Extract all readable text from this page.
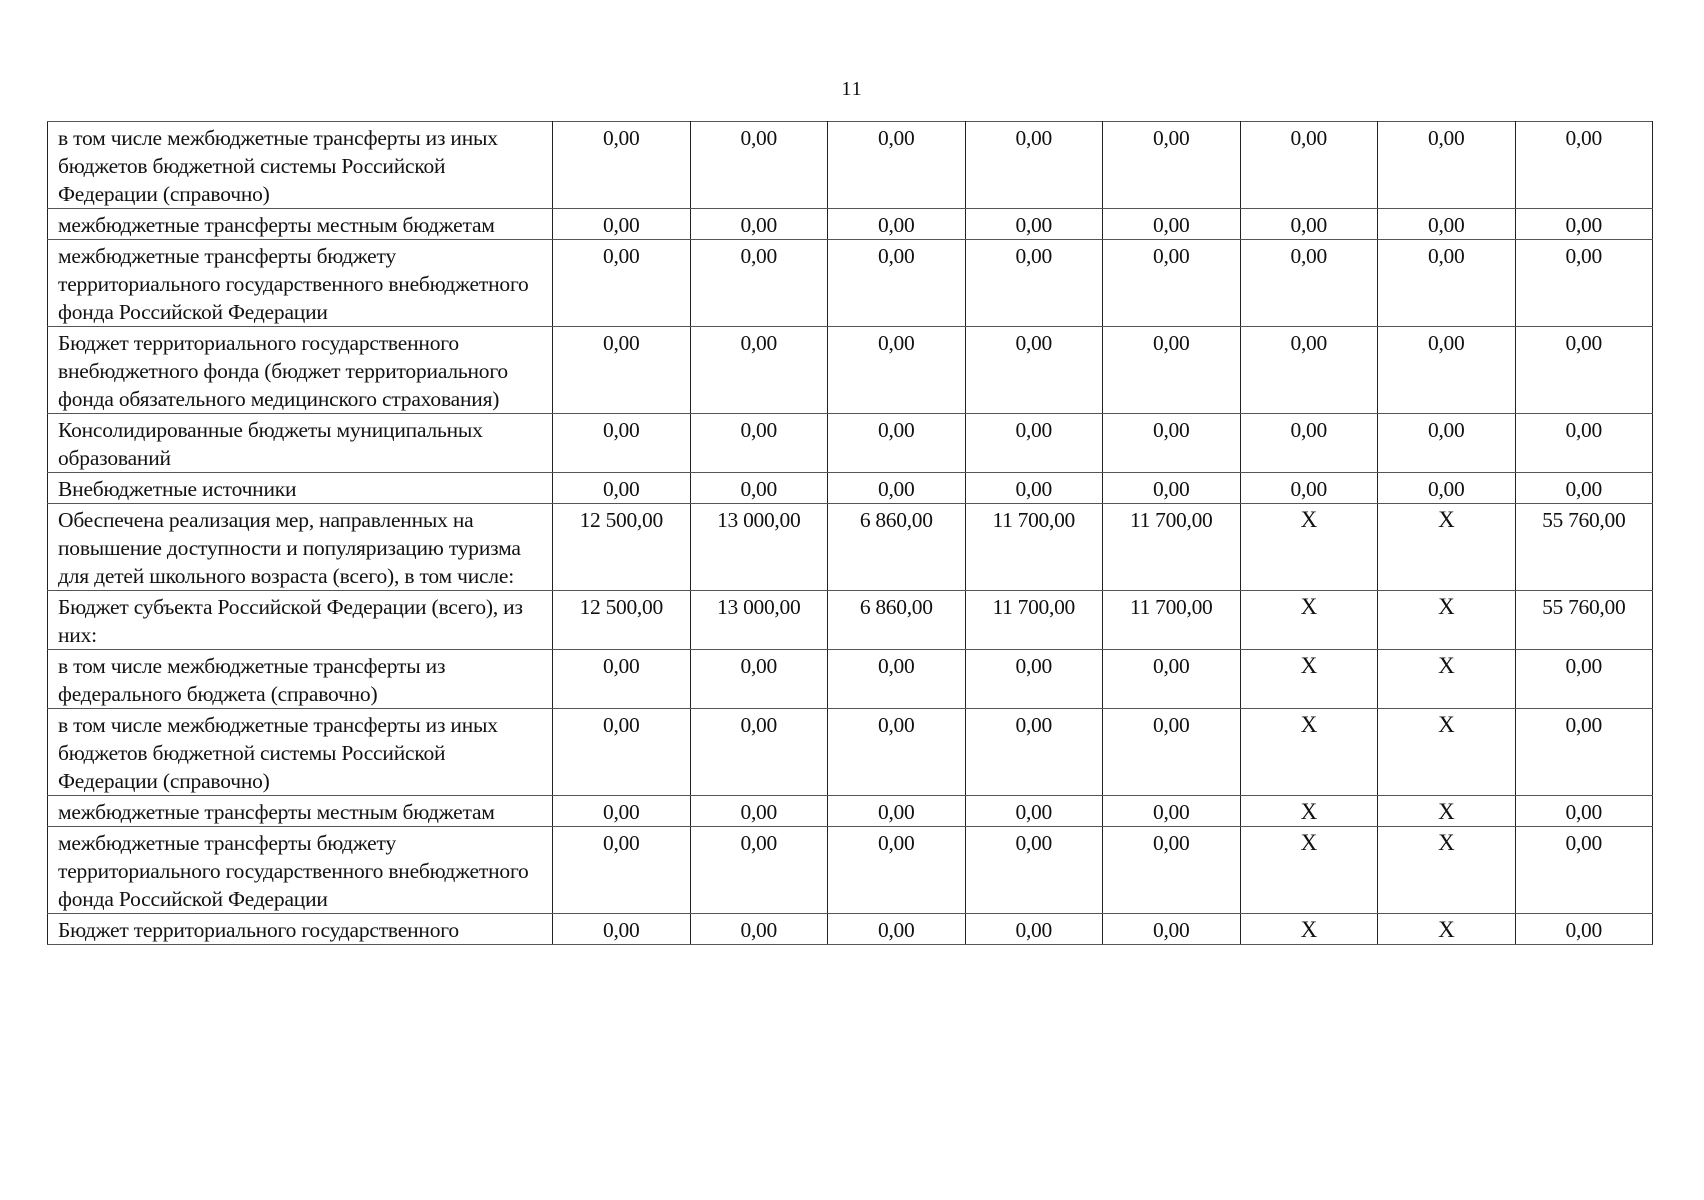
11
в том числе межбюджетные трансферты из иных бюджетов бюджетной системы Российской Федерации (справочно)	0,00	0,00	0,00	0,00	0,00	0,00	0,00	0,00
межбюджетные трансферты местным бюджетам	0,00	0,00	0,00	0,00	0,00	0,00	0,00	0,00
межбюджетные трансферты бюджету территориального государственного внебюджетного фонда Российской Федерации	0,00	0,00	0,00	0,00	0,00	0,00	0,00	0,00
Бюджет территориального государственного внебюджетного фонда (бюджет территориального фонда обязательного медицинского страхования)	0,00	0,00	0,00	0,00	0,00	0,00	0,00	0,00
Консолидированные бюджеты муниципальных образований	0,00	0,00	0,00	0,00	0,00	0,00	0,00	0,00
Внебюджетные источники	0,00	0,00	0,00	0,00	0,00	0,00	0,00	0,00
Обеспечена реализация мер, направленных на повышение доступности и популяризацию туризма для детей школьного возраста (всего), в том числе:	12 500,00	13 000,00	6 860,00	11 700,00	11 700,00	X	X	55 760,00
Бюджет субъекта Российской Федерации (всего), из них:	12 500,00	13 000,00	6 860,00	11 700,00	11 700,00	X	X	55 760,00
в том числе межбюджетные трансферты из федерального бюджета (справочно)	0,00	0,00	0,00	0,00	0,00	X	X	0,00
в том числе межбюджетные трансферты из иных бюджетов бюджетной системы Российской Федерации (справочно)	0,00	0,00	0,00	0,00	0,00	X	X	0,00
межбюджетные трансферты местным бюджетам	0,00	0,00	0,00	0,00	0,00	X	X	0,00
межбюджетные трансферты бюджету территориального государственного внебюджетного фонда Российской Федерации	0,00	0,00	0,00	0,00	0,00	X	X	0,00
Бюджет территориального государственного	0,00	0,00	0,00	0,00	0,00	X	X	0,00
